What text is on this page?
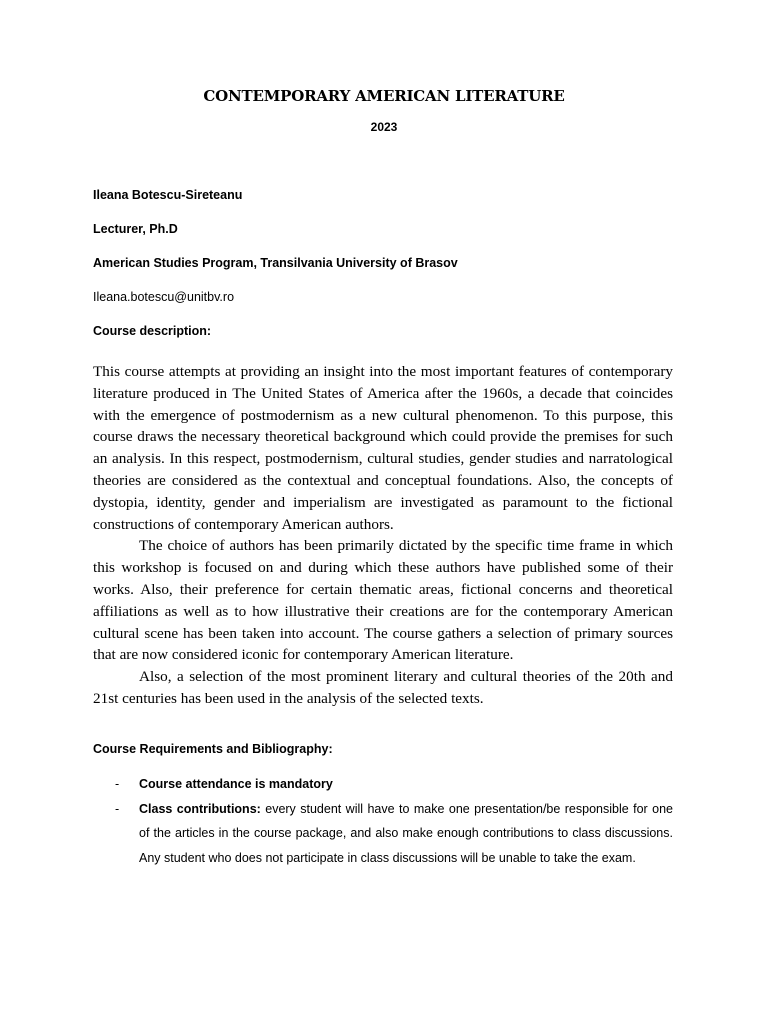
CONTEMPORARY AMERICAN LITERATURE
2023
Ileana Botescu-Sireteanu
Lecturer, Ph.D
American Studies Program, Transilvania University of Brasov
Ileana.botescu@unitbv.ro
Course description:

This course attempts at providing an insight into the most important features of contemporary literature produced in The United States of America after the 1960s, a decade that coincides with the emergence of postmodernism as a new cultural phenomenon. To this purpose, this course draws the necessary theoretical background which could provide the premises for such an analysis. In this respect, postmodernism, cultural studies, gender studies and narratological theories are considered as the contextual and conceptual foundations. Also, the concepts of dystopia, identity, gender and imperialism are investigated as paramount to the fictional constructions of contemporary American authors.

The choice of authors has been primarily dictated by the specific time frame in which this workshop is focused on and during which these authors have published some of their works. Also, their preference for certain thematic areas, fictional concerns and theoretical affiliations as well as to how illustrative their creations are for the contemporary American cultural scene has been taken into account. The course gathers a selection of primary sources that are now considered iconic for contemporary American literature.

Also, a selection of the most prominent literary and cultural theories of the 20th and 21st centuries has been used in the analysis of the selected texts.

Course Requirements and Bibliography:
- Course attendance is mandatory
- Class contributions: every student will have to make one presentation/be responsible for one of the articles in the course package, and also make enough contributions to class discussions. Any student who does not participate in class discussions will be unable to take the exam.
